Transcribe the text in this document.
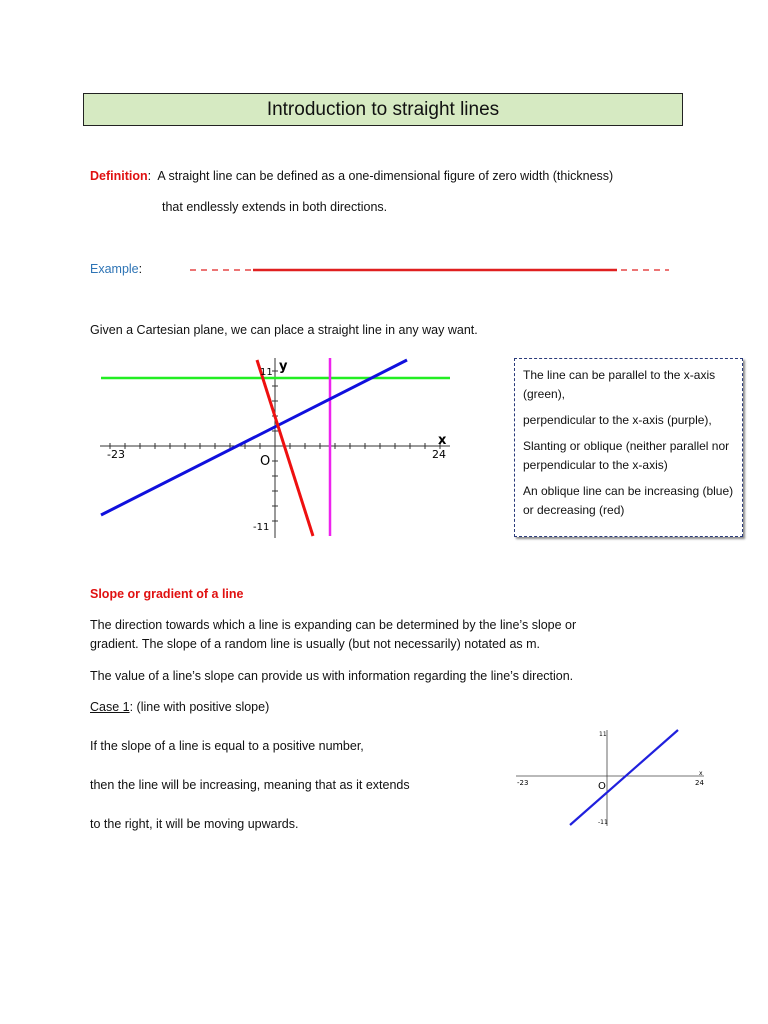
Introduction to straight lines
Definition: A straight line can be defined as a one-dimensional figure of zero width (thickness)
that endlessly extends in both directions.
Example:
Given a Cartesian plane, we can place a straight line in any way want.
11 y
x
-23	24
O
-11

The line can be parallel to the x-axis (green),

perpendicular to the x-axis (purple),

Slanting or oblique (neither parallel nor perpendicular to the x-axis)

An oblique line can be increasing (blue) or decreasing (red)

Slope or gradient of a line
The direction towards which a line is expanding can be determined by the line’s slope or
gradient. The slope of a random line is usually (but not necessarily) notated as m.
The value of a line’s slope can provide us with information regarding the line’s direction.
Case 1: (line with positive slope)
If the slope of a line is equal to a positive number,
then the line will be increasing, meaning that as it extends
to the right, it will be moving upwards.
11
x
-23	24
O
-11
